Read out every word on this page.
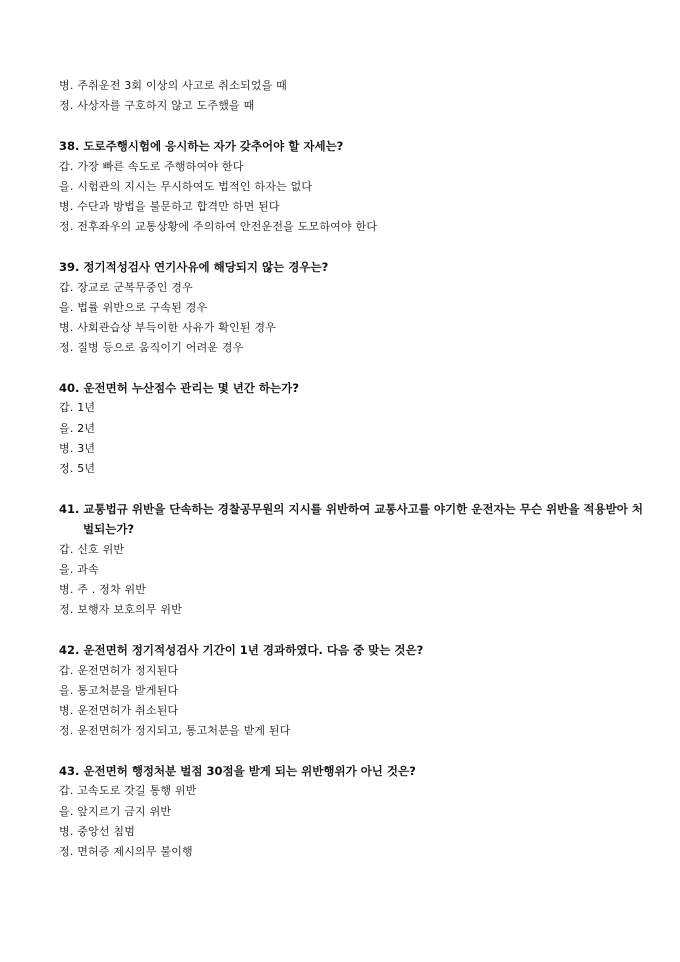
병. 주취운전 3회 이상의 사고로 취소되었을 때
정. 사상자를 구호하지 않고 도주했을 때
38. 도로주행시험에 응시하는 자가 갖추어야 할 자세는?
갑. 가장 빠른 속도로 주행하여야 한다
을. 시험관의 지시는 무시하여도 법적인 하자는 없다
병. 수단과 방법을 불문하고 합격만 하면 된다
정. 전후좌우의 교통상황에 주의하여 안전운전을 도모하여야 한다
39. 정기적성검사 연기사유에 해당되지 않는 경우는?
갑. 장교로 군복무중인 경우
을. 법률 위반으로 구속된 경우
병. 사회관습상 부득이한 사유가 확인된 경우
정. 질병 등으로 움직이기 어려운 경우
40. 운전면허 누산점수 관리는 몇 년간 하는가?
갑. 1년
을. 2년
병. 3년
정. 5년
41. 교통법규 위반을 단속하는 경찰공무원의 지시를 위반하여 교통사고를 야기한 운전자는 무슨 위반을 적용받아 처벌되는가?
갑. 신호 위반
을. 과속
병. 주 . 정차 위반
정. 보행자 보호의무 위반
42. 운전면허 정기적성검사 기간이 1년 경과하였다. 다음 중 맞는 것은?
갑. 운전면허가 정지된다
을. 통고처분을 받게된다
병. 운전면허가 취소된다
정. 운전면허가 정지되고, 통고처분을 받게 된다
43. 운전면허 행정처분 벌점 30점을 받게 되는 위반행위가 아닌 것은?
갑. 고속도로 갓길 통행 위반
을. 앞지르기 금지 위반
병. 중앙선 침범
정. 면허증 제시의무 불이행
